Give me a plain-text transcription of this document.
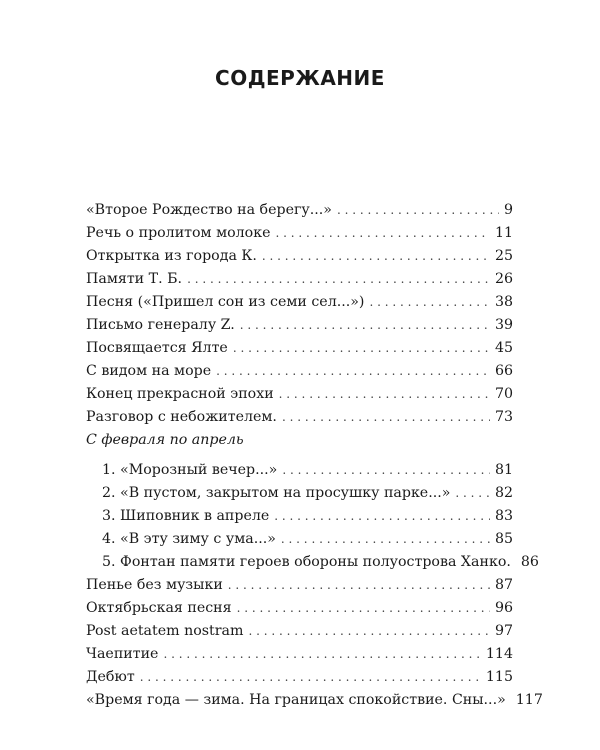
СОДЕРЖАНИЕ
«Второе Рождество на берегу...» . . .	9
Речь о пролитом молоке . . .	11
Открытка из города К. . . .	25
Памяти Т. Б. . . .	26
Песня («Пришел сон из семи сел...») . . .	38
Письмо генералу Z. . . .	39
Посвящается Ялте . . .	45
С видом на море . . .	66
Конец прекрасной эпохи . . .	70
Разговор с небожителем. . . .	73
С февраля по апрель
1. «Морозный вечер...» . . .	81
2. «В пустом, закрытом на просушку парке...» . . .	82
3. Шиповник в апреле . . .	83
4. «В эту зиму с ума...» . . .	85
5. Фонтан памяти героев обороны полуострова Ханко. 86
Пенье без музыки . . .	87
Октябрьская песня . . .	96
Post aetatem nostram . . .	97
Чаепитие . . .	114
Дебют . . .	115
«Время года — зима. На границах спокойствие. Сны...» 117
